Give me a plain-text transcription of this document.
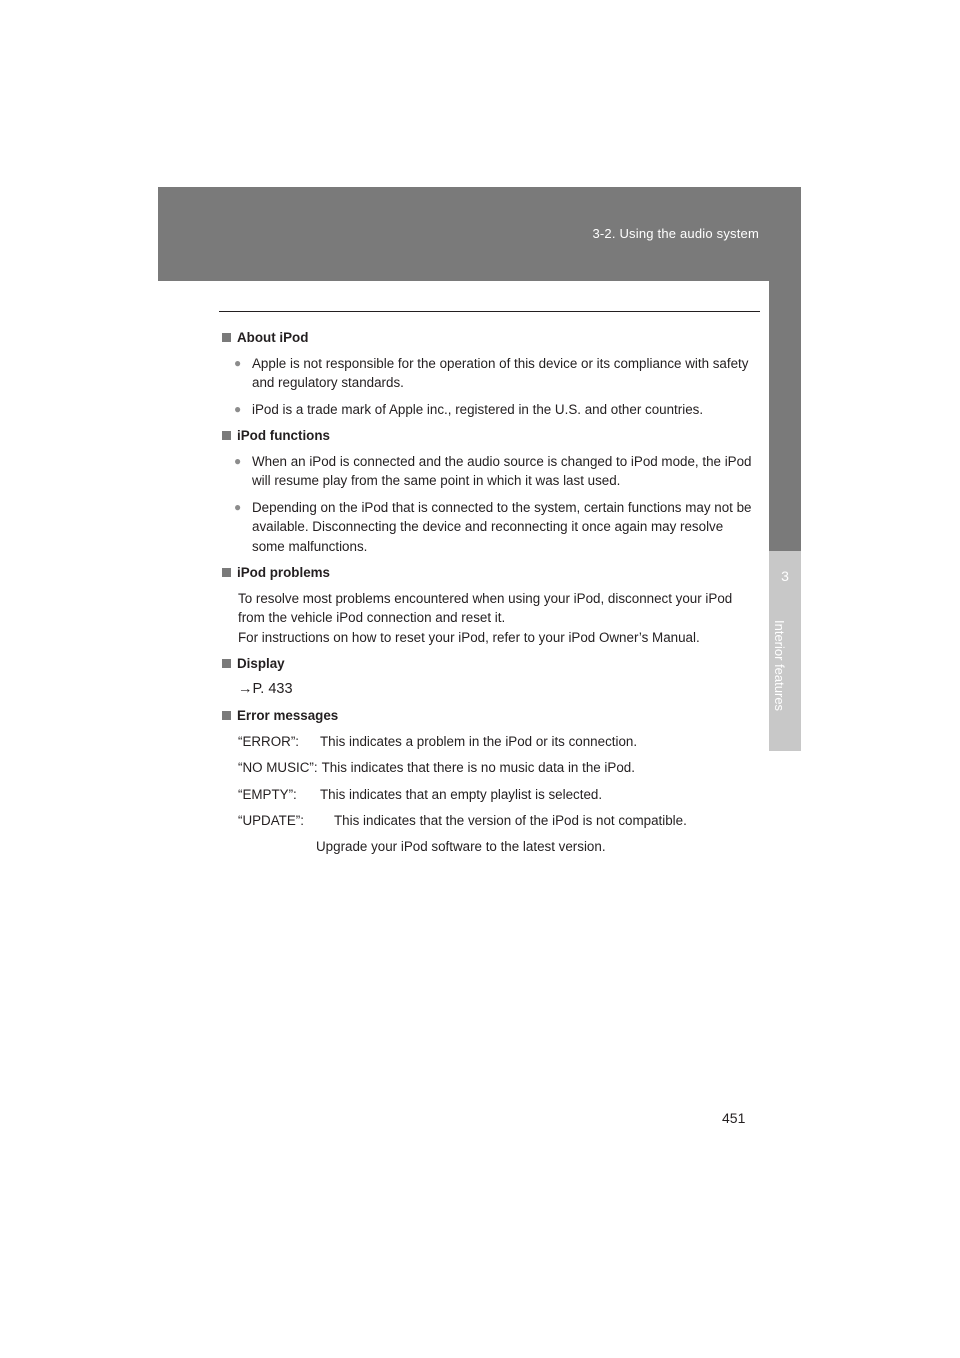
3-2. Using the audio system
3
Interior features
About iPod
● Apple is not responsible for the operation of this device or its compliance with safety and regulatory standards.
● iPod is a trade mark of Apple inc., registered in the U.S. and other countries.
iPod functions
● When an iPod is connected and the audio source is changed to iPod mode, the iPod will resume play from the same point in which it was last used.
● Depending on the iPod that is connected to the system, certain functions may not be available. Disconnecting the device and reconnecting it once again may resolve some malfunctions.
iPod problems
To resolve most problems encountered when using your iPod, disconnect your iPod from the vehicle iPod connection and reset it.
For instructions on how to reset your iPod, refer to your iPod Owner’s Manual.
Display
→P. 433
Error messages
“ERROR”:	This indicates a problem in the iPod or its connection.
“NO MUSIC”: This indicates that there is no music data in the iPod.
“EMPTY”:	This indicates that an empty playlist is selected.
“UPDATE”:	This indicates that the version of the iPod is not compatible.
Upgrade your iPod software to the latest version.
451
